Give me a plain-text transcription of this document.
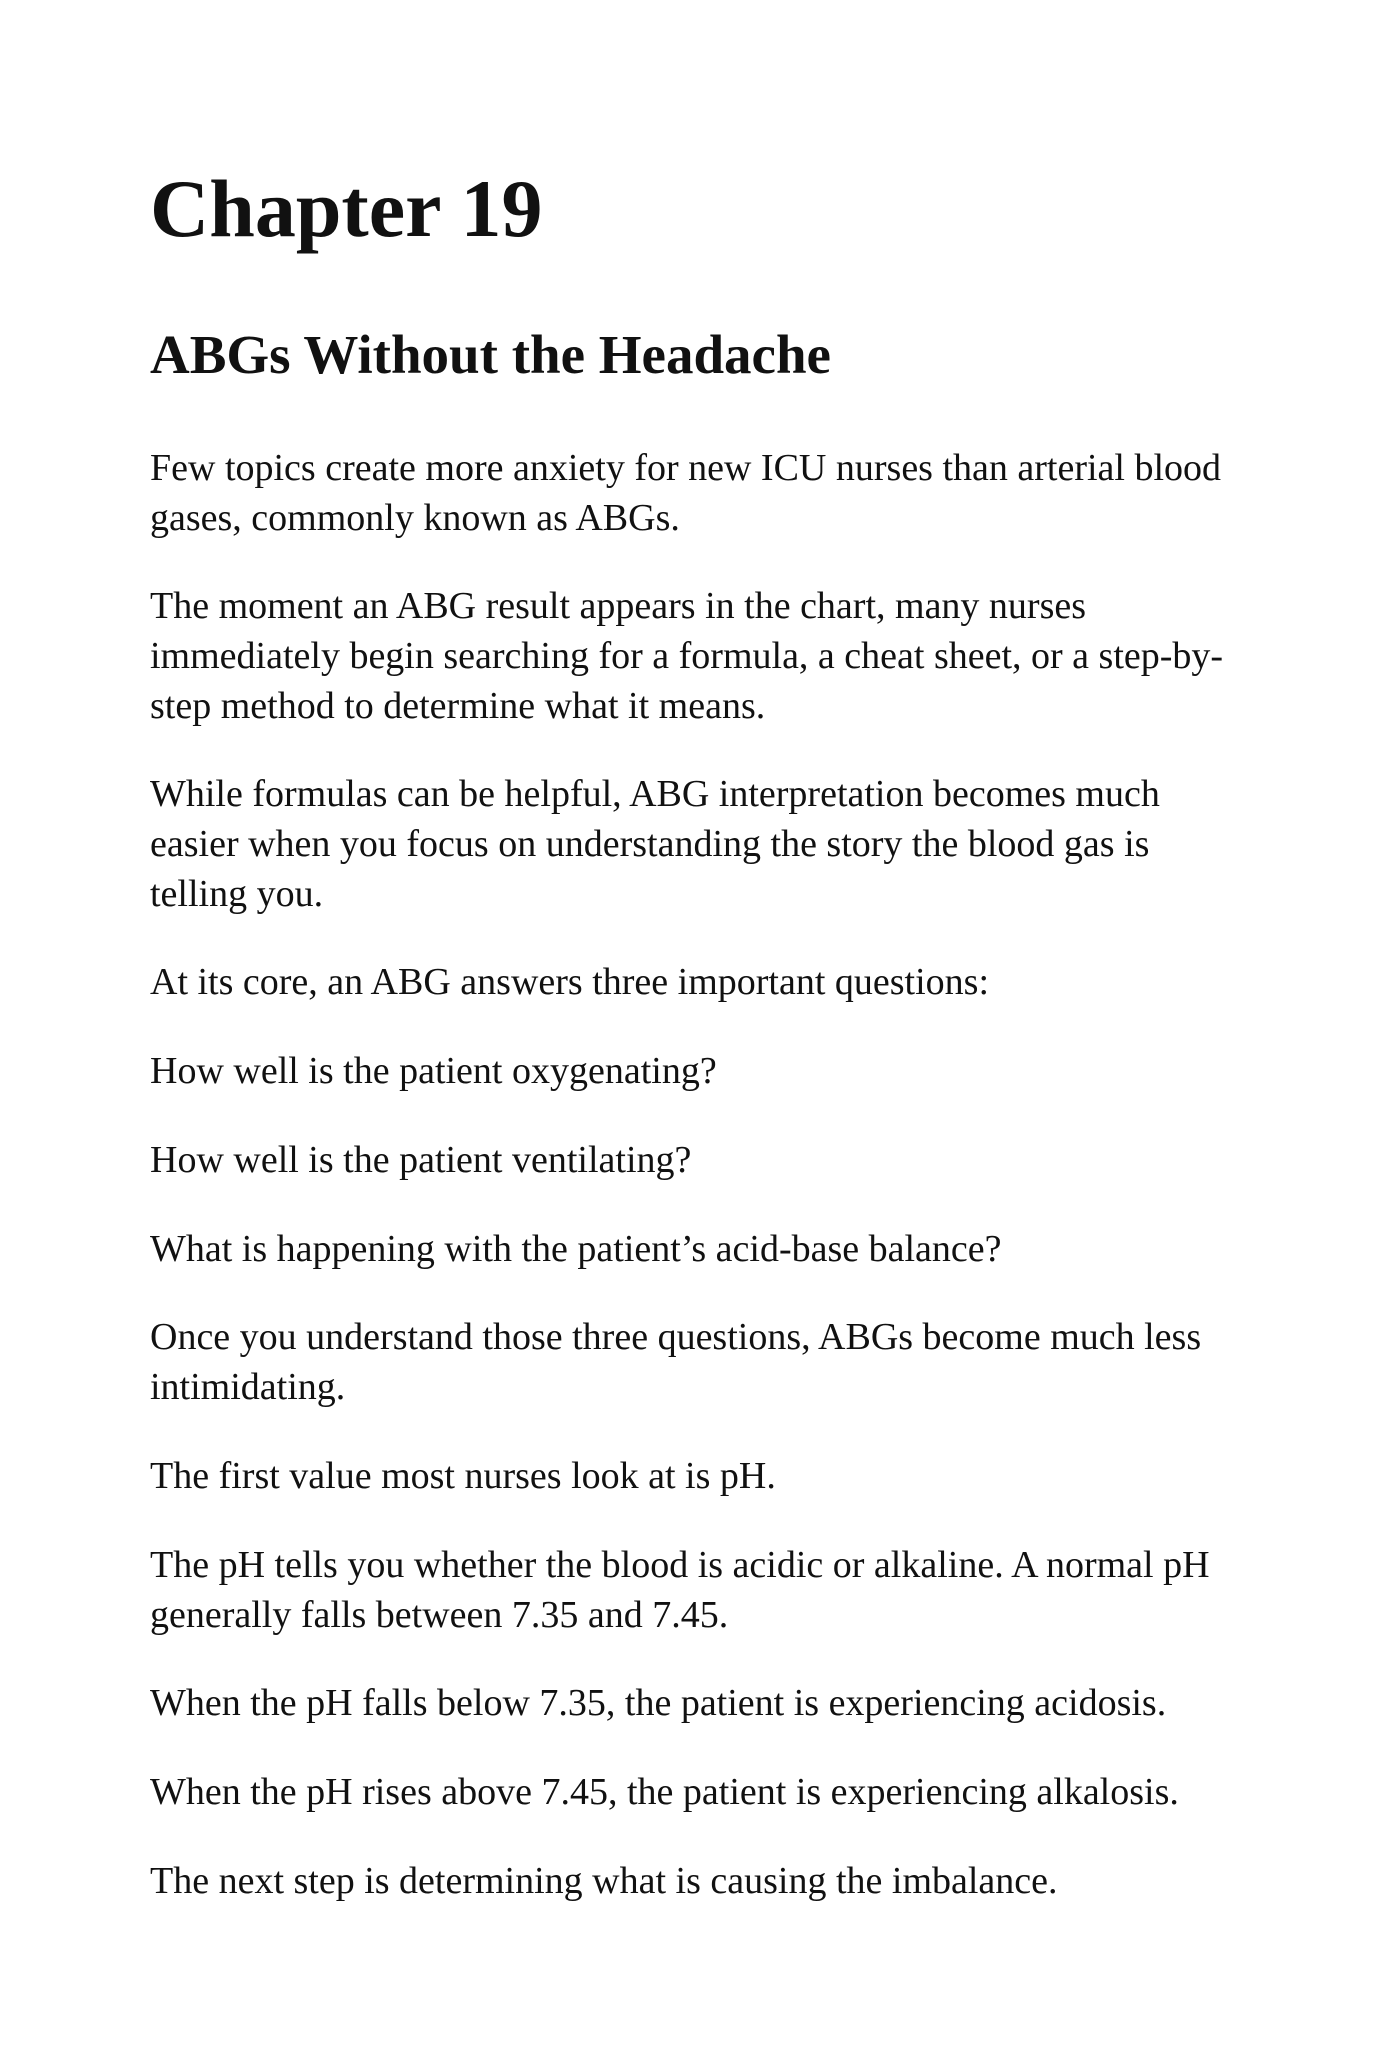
Chapter 19
ABGs Without the Headache

Few topics create more anxiety for new ICU nurses than arterial blood
gases, commonly known as ABGs.

The moment an ABG result appears in the chart, many nurses
immediately begin searching for a formula, a cheat sheet, or a step-by-
step method to determine what it means.

While formulas can be helpful, ABG interpretation becomes much
easier when you focus on understanding the story the blood gas is
telling you.

At its core, an ABG answers three important questions:

How well is the patient oxygenating?

How well is the patient ventilating?

What is happening with the patient’s acid-base balance?

Once you understand those three questions, ABGs become much less
intimidating.

The first value most nurses look at is pH.

The pH tells you whether the blood is acidic or alkaline. A normal pH
generally falls between 7.35 and 7.45.

When the pH falls below 7.35, the patient is experiencing acidosis.

When the pH rises above 7.45, the patient is experiencing alkalosis.

The next step is determining what is causing the imbalance.
